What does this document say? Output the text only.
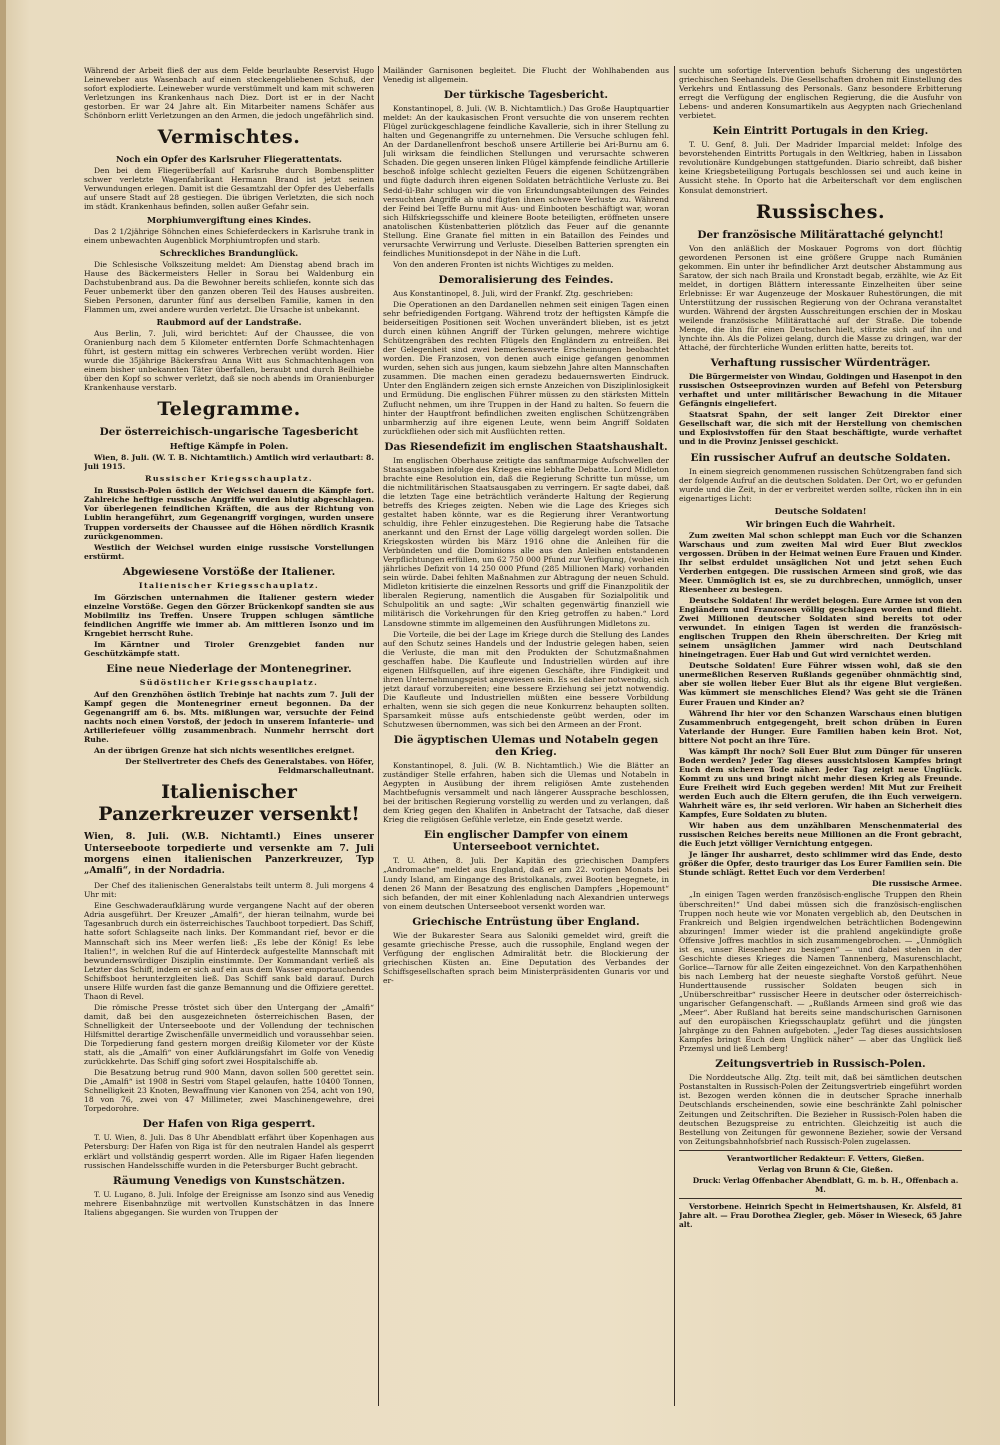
Während der Arbeit fließ der aus dem Felde beurlaubte Reservist Hugo Leineweber aus Wasenbach auf einen steckengebliebenen Schuß, der sofort explodierte. Leineweber wurde verstümmelt und kam mit schweren Verletzungen ins Krankenhaus nach Diez. Dort ist er in der Nacht gestorben. Er war 24 Jahre alt. Ein Mitarbeiter namens Schäfer aus Schönborn erlitt Verletzungen an den Armen, die jedoch ungefährlich sind.

Vermischtes.
Noch ein Opfer des Karlsruher Fliegerattentats.

Den bei dem Fliegerüberfall auf Karlsruhe durch Bombensplitter schwer verletzte Wagenfabrikant Hermann Brand ist jetzt seinen Verwundungen erlegen. Damit ist die Gesamtzahl der Opfer des Ueberfalls auf unsere Stadt auf 28 gestiegen. Die übrigen Verletzten, die sich noch im städt. Krankenhaus befinden, sollen außer Gefahr sein.

Morphiumvergiftung eines Kindes.

Das 2 1/2jährige Söhnchen eines Schieferdeckers in Karlsruhe trank in einem unbewachten Augenblick Morphiumtropfen und starb.

Schreckliches Brandunglück.

Die Schlesische Volkszeitung meldet: Am Dienstag abend brach im Hause des Bäckermeisters Heller in Sorau bei Waldenburg ein Dachstubenbrand aus. Da die Bewohner bereits schliefen, konnte sich das Feuer unbemerkt über den ganzen oberen Teil des Hauses ausbreiten. Sieben Personen, darunter fünf aus derselben Familie, kamen in den Flammen um, zwei andere wurden verletzt. Die Ursache ist unbekannt.

Raubmord auf der Landstraße.

Aus Berlin, 7. Juli, wird berichtet: Auf der Chaussee, die von Oranienburg nach dem 5 Kilometer entfernten Dorfe Schmachtenhagen führt, ist gestern mittag ein schweres Verbrechen verübt worden. Hier wurde die 35jährige Bäckersfrau Anna Witt aus Schmachtenhagen von einem bisher unbekannten Täter überfallen, beraubt und durch Beilhiebe über den Kopf so schwer verletzt, daß sie noch abends im Oranienburger Krankenhause verstarb.

Telegramme.
Der österreichisch-ungarische Tagesbericht
Heftige Kämpfe in Polen.

Wien, 8. Juli. (W. T. B. Nichtamtlich.) Amtlich wird verlautbart: 8. Juli 1915.

Russischer Kriegsschauplatz.

In Russisch-Polen östlich der Weichsel dauern die Kämpfe fort. Zahlreiche heftige russische Angriffe wurden blutig abgeschlagen. Vor überlegenen feindlichen Kräften, die aus der Richtung von Lublin herangeführt, zum Gegenangriff vorgingen, wurden unsere Truppen vorderseits der Chaussee auf die Höhen nördlich Krasnik zurückgenommen.

Westlich der Weichsel wurden einige russische Vorstellungen erstürmt.

Abgewiesene Vorstöße der Italiener.
Italienischer Kriegsschauplatz.

Im Görzischen unternahmen die Italiener gestern wieder einzelne Vorstöße. Gegen den Görzer Brückenkopf sandten sie aus Mobilmiliz ins Treffen. Unsere Truppen schlugen sämtliche feindlichen Angriffe wie immer ab. Am mittleren Isonzo und im Krngebiet herrscht Ruhe.

Im Kärntner und Tiroler Grenzgebiet fanden nur Geschützkämpfe statt.

Eine neue Niederlage der Montenegriner.
Südöstlicher Kriegsschauplatz.

Auf den Grenzhöhen östlich Trebinje hat nachts zum 7. Juli der Kampf gegen die Montenegriner erneut begonnen. Da der Gegenangriff am 6. bs. Mts. mißlungen war, versuchte der Feind nachts noch einen Vorstoß, der jedoch in unserem Infanterie- und Artilleriefeuer völlig zusammenbrach. Nunmehr herrscht dort Ruhe.

An der übrigen Grenze hat sich nichts wesentliches ereignet.

Der Stellvertreter des Chefs des Generalstabes. von Höfer, Feldmarschalleutnant.

Italienischer Panzerkreuzer versenkt!
Wien, 8. Juli. (W.B. Nichtamtl.) Eines unserer Unterseeboote torpedierte und versenkte am 7. Juli morgens einen italienischen Panzerkreuzer, Typ „Amalfi“, in der Nordadria.

Der Chef des italienischen Generalstabs teilt unterm 8. Juli morgens 4 Uhr mit:

Eine Geschwaderaufklärung wurde vergangene Nacht auf der oberen Adria ausgeführt. Der Kreuzer „Amalfi“, der hieran teilnahm, wurde bei Tagesanbruch durch ein österreichisches Tauchboot torpediert. Das Schiff, hatte sofort Schlagseite nach links. Der Kommandant rief, bevor er die Mannschaft sich ins Meer werfen ließ: „Es lebe der König! Es lebe Italien!“, in welchen Ruf die auf Hinterdeck aufgestellte Mannschaft mit bewundernswürdiger Disziplin einstimmte. Der Kommandant verließ als Letzter das Schiff, indem er sich auf ein aus dem Wasser emportauchendes Schiffsboot herunterzgleiten ließ. Das Schiff sank bald darauf. Durch unsere Hilfe wurden fast die ganze Bemannung und die Offiziere gerettet. Thaon di Revel.

Die römische Presse tröstet sich über den Untergang der „Amalfi“ damit, daß bei den ausgezeichneten österreichischen Basen, der Schnelligkeit der Unterseeboote und der Vollendung der technischen Hilfsmittel derartige Zwischenfälle unvermeidlich und voraussehbar seien. Die Torpedierung fand gestern morgen dreißig Kilometer vor der Küste statt, als die „Amalfi“ von einer Aufklärungsfahrt im Golfe von Venedig zurückkehrte. Das Schiff ging sofort zwei Hospitalschiffe ab.

Die Besatzung betrug rund 900 Mann, davon sollen 500 gerettet sein. Die „Amalfi“ ist 1908 in Sestri vom Stapel gelaufen, hatte 10400 Tonnen, Schnelligkeit 23 Knoten, Bewaffnung vier Kanonen von 254, acht von 190, 18 von 76, zwei von 47 Millimeter, zwei Maschinengewehre, drei Torpedorohre.

Der Hafen von Riga gesperrt.

T. U. Wien, 8. Juli. Das 8 Uhr Abendblatt erfährt über Kopenhagen aus Petersburg: Der Hafen von Riga ist für den neutralen Handel als gesperrt erklärt und vollständig gesperrt worden. Alle im Rigaer Hafen liegenden russischen Handelsschiffe wurden in die Petersburger Bucht gebracht.

Räumung Venedigs von Kunstschätzen.

T. U. Lugano, 8. Juli. Infolge der Ereignisse am Isonzo sind aus Venedig mehrere Eisenbahnzüge mit wertvollen Kunstschätzen in das Innere Italiens abgegangen. Sie wurden von Truppen der

Mailänder Garnisonen begleitet. Die Flucht der Wohlhabenden aus Venedig ist allgemein.

Der türkische Tagesbericht.

Konstantinopel, 8. Juli. (W. B. Nichtamtlich.) Das Große Hauptquartier meldet: An der kaukasischen Front versuchte die von unserem rechten Flügel zurückgeschlagene feindliche Kavallerie, sich in ihrer Stellung zu halten und Gegenangriffe zu unternehmen. Die Versuche schlugen fehl. An der Dardanellenfront beschoß unsere Artillerie bei Ari-Burnu am 6. Juli wirksam die feindlichen Stellungen und verursachte schweren Schaden. Die gegen unseren linken Flügel kämpfende feindliche Artillerie beschoß infolge schlecht gezielten Feuers die eigenen Schützengräben und fügte dadurch ihren eigenen Soldaten beträchtliche Verluste zu. Bei Sedd-ül-Bahr schlugen wir die von Erkundungsabteilungen des Feindes versuchten Angriffe ab und fügten ihnen schwere Verluste zu. Während der Feind bei Teffe Burnu mit Aus- und Einbooten beschäftigt war, woran sich Hilfskriegsschiffe und kleinere Boote beteiligten, eröffneten unsere anatolischen Küstenbatterien plötzlich das Feuer auf die genannte Stellung. Eine Granate fiel mitten in ein Bataillon des Feindes und verursachte Verwirrung und Verluste. Dieselben Batterien sprengten ein feindliches Munitionsdepot in der Nähe in die Luft.

Von den anderen Fronten ist nichts Wichtiges zu melden.

Demoralisierung des Feindes.

Aus Konstantinopel, 8. Juli, wird der Frankf. Ztg. geschrieben:

Die Operationen an den Dardanellen nehmen seit einigen Tagen einen sehr befriedigenden Fortgang. Während trotz der heftigsten Kämpfe die beiderseitigen Positionen seit Wochen unverändert blieben, ist es jetzt durch einen kühnen Angriff der Türken gelungen, mehrere wichtige Schützengräben des rechten Flügels den Engländern zu entreißen. Bei der Gelegenheit sind zwei bemerkenswerte Erscheinungen beobachtet worden. Die Franzosen, von denen auch einige gefangen genommen wurden, sehen sich aus jungen, kaum siebzehn Jahre alten Mannschaften zusammen. Die machen einen geradezu bedauernswerten Eindruck. Unter den Engländern zeigen sich ernste Anzeichen von Disziplinlosigkeit und Ermüdung. Die englischen Führer müssen zu den stärksten Mitteln Zuflucht nehmen, um ihre Truppen in der Hand zu halten. So feuern die hinter der Hauptfront befindlichen zweiten englischen Schützengräben unbarmherzig auf ihre eigenen Leute, wenn beim Angriff Soldaten zurückfliehen oder sich mit Ausflüchten retten.

Das Riesendefizit im englischen Staatshaushalt.

Im englischen Oberhause zeitigte das sanftmarmige Aufschwellen der Staatsausgaben infolge des Krieges eine lebhafte Debatte. Lord Midleton brachte eine Resolution ein, daß die Regierung Schritte tun müsse, um die nichtmilitärischen Staatsausgaben zu verringern. Er sagte dabei, daß die letzten Tage eine beträchtlich veränderte Haltung der Regierung betreffs des Krieges zeigten. Neben wie die Lage des Krieges sich gestaltet haben könnte, war es die Regierung ihrer Verantwortung schuldig, ihre Fehler einzugestehen. Die Regierung habe die Tatsache anerkannt und den Ernst der Lage völlig dargelegt worden sollen. Die Kriegskosten würden bis März 1916 ohne die Anleihen für die Verbündeten und die Dominions alle aus den Anleihen entstandenen Verpflichtungen erfüllen, um 62 750 000 Pfund zur Verfügung, (wobei ein jährliches Defizit von 14 250 000 Pfund (285 Millionen Mark) vorhanden sein würde. Dabei fehlten Maßnahmen zur Abtragung der neuen Schuld. Midleton kritisierte die einzelnen Ressorts und griff die Finanzpolitik der liberalen Regierung, namentlich die Ausgaben für Sozialpolitik und Schulpolitik an und sagte: „Wir schalten gegenwärtig finanziell wie militärisch die Vorkehrungen für den Krieg getroffen zu haben.“ Lord Lansdowne stimmte im allgemeinen den Ausführungen Midletons zu.

Die Vorteile, die bei der Lage im Kriege durch die Stellung des Landes auf den Schutz seines Handels und der Industrie gelegen haben, seien die Verluste, die man mit den Produkten der Schutzmaßnahmen geschaffen habe. Die Kaufleute und Industriellen würden auf ihre eigenen Hilfsquellen, auf ihre eigenen Geschäfte, ihre Findigkeit und ihren Unternehmungsgeist angewiesen sein. Es sei daher notwendig, sich jetzt darauf vorzubereiten; eine bessere Erziehung sei jetzt notwendig. Die Kaufleute und Industriellen müßten eine bessere Vorbildung erhalten, wenn sie sich gegen die neue Konkurrenz behaupten sollten. Sparsamkeit müsse aufs entschiedenste geübt werden, oder im Schutzwesen übernommen, was sich bei den Armeen an der Front.

Die ägyptischen Ulemas und Notabeln gegen den Krieg.

Konstantinopel, 8. Juli. (W. B. Nichtamtlich.) Wie die Blätter an zuständiger Stelle erfahren, haben sich die Ulemas und Notabeln in Aegypten in Ausübung der ihrem religiösen Amte zustehenden Machtbefugnis versammelt und nach längerer Aussprache beschlossen, bei der britischen Regierung vorstellig zu werden und zu verlangen, daß dem Krieg gegen den Khalifen in Anbetracht der Tatsache, daß dieser Krieg die religiösen Gefühle verletze, ein Ende gesetzt werde.

Ein englischer Dampfer von einem Unterseeboot vernichtet.

T. U. Athen, 8. Juli. Der Kapitän des griechischen Dampfers „Andromache“ meldet aus England, daß er am 22. vorigen Monats bei Lundy Island, am Eingange des Bristolkanals, zwei Booten begegnete, in denen 26 Mann der Besatzung des englischen Dampfers „Hopemount“ sich befanden, der mit einer Kohlenladung nach Alexandrien unterwegs von einem deutschen Unterseeboot versenkt worden war.

Griechische Entrüstung über England.

Wie der Bukarester Seara aus Saloniki gemeldet wird, greift die gesamte griechische Presse, auch die russophile, England wegen der Verfügung der englischen Admiralität betr. die Blockierung der griechischen Küsten an. Eine Deputation des Verbandes der Schiffsgesellschaften sprach beim Ministerpräsidenten Gunaris vor und er-

suchte um sofortige Intervention behufs Sicherung des ungestörten griechischen Seehandels. Die Gesellschaften drohen mit Einstellung des Verkehrs und Entlassung des Personals. Ganz besondere Erbitterung erregt die Verfügung der englischen Regierung, die die Ausfuhr von Lebens- und anderen Konsumartikeln aus Aegypten nach Griechenland verbietet.

Kein Eintritt Portugals in den Krieg.

T. U. Genf, 8. Juli. Der Madrider Imparcial meldet: Infolge des bevorstehenden Eintritts Portugals in den Weltkrieg, haben in Lissabon revolutionäre Kundgebungen stattgefunden. Diario schreibt, daß bisher keine Kriegsbeteiligung Portugals beschlossen sei und auch keine in Aussicht stehe. In Oporto hat die Arbeiterschaft vor dem englischen Konsulat demonstriert.

Russisches.
Der französische Militärattaché gelyncht!

Von den anläßlich der Moskauer Pogroms von dort flüchtig gewordenen Personen ist eine größere Gruppe nach Rumänien gekommen. Ein unter ihr befindlicher Arzt deutscher Abstammung aus Saratow, der sich nach Braila und Kronstadt begab, erzählte, wie Az Eit meldet, in dortigen Blättern interessante Einzelheiten über seine Erlebnisse: Er war Augenzeuge der Moskauer Ruhestörungen, die mit Unterstützung der russischen Regierung von der Ochrana veranstaltet wurden. Während der ärgsten Ausschreitungen erschien der in Moskau weilende französische Militärattaché auf der Straße. Die tobende Menge, die ihn für einen Deutschen hielt, stürzte sich auf ihn und lynchte ihn. Als die Polizei gelang, durch die Masse zu dringen, war der Attaché, der fürchterliche Wunden erlitten hatte, bereits tot.

Verhaftung russischer Würdenträger.

Die Bürgermeister von Windau, Goldingen und Hasenpot in den russischen Ostseeprovinzen wurden auf Befehl von Petersburg verhaftet und unter militärischer Bewachung in die Mitauer Gefängnis eingeliefert.

Staatsrat Spahn, der seit langer Zeit Direktor einer Gesellschaft war, die sich mit der Herstellung von chemischen und Explosivstoffen für den Staat beschäftigte, wurde verhaftet und in die Provinz Jenissei geschickt.

Ein russischer Aufruf an deutsche Soldaten.

In einem siegreich genommenen russischen Schützengraben fand sich der folgende Aufruf an die deutschen Soldaten. Der Ort, wo er gefunden wurde und die Zeit, in der er verbreitet werden sollte, rücken ihn in ein eigenartiges Licht:

Deutsche Soldaten!
Wir bringen Euch die Wahrheit.

Zum zweiten Mal schon schleppt man Euch vor die Schanzen Warschaus und zum zweiten Mal wird Euer Blut zwecklos vergossen. Drüben in der Heimat weinen Eure Frauen und Kinder. Ihr selbst erduldet unsäglichen Not und jetzt sehen Euch Verderben entgegen. Die russischen Armeen sind groß, wie das Meer. Ummöglich ist es, sie zu durchbrechen, unmöglich, unser Riesenheer zu besiegen.

Deutsche Soldaten! Ihr werdet belogen. Eure Armee ist von den Engländern und Franzosen völlig geschlagen worden und flieht. Zwei Millionen deutscher Soldaten sind bereits tot oder verwundet. In einigen Tagen ist werden die französisch-englischen Truppen den Rhein überschreiten. Der Krieg mit seinem unsäglichen Jammer wird nach Deutschland hineingetragen. Euer Hab und Gut wird vernichtet werden.

Deutsche Soldaten! Eure Führer wissen wohl, daß sie den unermeßlichen Reserven Rußlands gegenüber ohnmächtig sind, aber sie wollen lieber Euer Blut als ihr eigene Blut vergießen. Was kümmert sie menschliches Elend? Was geht sie die Tränen Eurer Frauen und Kinder an?

Während Ihr hier vor den Schanzen Warschaus einen blutigen Zusammenbruch entgegengeht, breit schon drüben in Euren Vaterlande der Hunger. Eure Familien haben kein Brot. Not, bittere Not pocht an ihre Türe.

Was kämpft Ihr noch? Soll Euer Blut zum Dünger für unseren Boden werden? Jeder Tag dieses aussichtslosen Kampfes bringt Euch dem sicheren Tode näher. Jeder Tag zeigt neue Unglück. Kommt zu uns und bringt nicht mehr diesen Krieg als Freunde. Eure Freiheit wird Euch gegeben werden! Mit Mut zur Freiheit werden Euch auch die Eltern gerufen, die ihn Euch verweigern. Wahrheit wäre es, ihr seid verloren. Wir haben an Sicherheit dies Kampfes, Eure Soldaten zu bluten.

Wir haben aus dem unzählbaren Menschenmaterial des russischen Reiches bereits neue Millionen an die Front gebracht, die Euch jetzt völliger Vernichtung entgegen.

Je länger Ihr ausharret, desto schlimmer wird das Ende, desto größer die Opfer, desto trauriger das Los Eurer Familien sein. Die Stunde schlägt. Rettet Euch vor dem Verderben!

Die russische Armee.

„In einigen Tagen werden französisch-englische Truppen den Rhein überschreiten!“ Und dabei müssen sich die französisch-englischen Truppen noch heute wie vor Monaten vergeblich ab, den Deutschen in Frankreich und Belgien irgendwelchen beträchtlichen Bodengewinn abzuringen! Immer wieder ist die prahlend angekündigte große Offensive Joffres machtlos in sich zusammengebrochen. — „Unmöglich ist es, unser Riesenheer zu besiegen“ — und dabei stehen in der Geschichte dieses Krieges die Namen Tannenberg, Masurenschlacht, Gorlice—Tarnow für alle Zeiten eingezeichnet. Von den Karpathenhöhen bis nach Lemberg hat der neueste sieghafte Vorstoß geführt. Neue Hunderttausende russischer Soldaten beugen sich in „Unüberschreitbar“ russischer Heere in deutscher oder österreichisch-ungarischer Gefangenschaft. — „Rußlands Armeen sind groß wie das „Meer“. Aber Rußland hat bereits seine mandschurischen Garnisonen auf den europäischen Kriegsschauplatz geführt und die jüngsten Jahrgänge zu den Fahnen aufgeboten. „Jeder Tag dieses aussichtslosen Kampfes bringt Euch dem Unglück näher“ — aber das Unglück ließ Przemysl und ließ Lemberg!

Zeitungsvertrieb in Russisch-Polen.

Die Norddeutsche Allg. Ztg. teilt mit, daß bei sämtlichen deutschen Postanstalten in Russisch-Polen der Zeitungsvertrieb eingeführt worden ist. Bezogen werden können die in deutscher Sprache innerhalb Deutschlands erscheinenden, sowie eine beschränkte Zahl polnischer Zeitungen und Zeitschriften. Die Bezieher in Russisch-Polen haben die deutschen Bezugspreise zu entrichten. Gleichzeitig ist auch die Bestellung von Zeitungen für gewonnene Bezieher, sowie der Versand von Zeitungsbahnhofsbrief nach Russisch-Polen zugelassen.

Verantwortlicher Redakteur: F. Vetters, Gießen.

Verlag von Brunn & Cie, Gießen.

Druck: Verlag Offenbacher Abendblatt, G. m. b. H., Offenbach a. M.

Verstorbene. Heinrich Specht in Heimertshausen, Kr. Alsfeld, 81 Jahre alt. — Frau Dorothea Ziegler, geb. Möser in Wieseck, 65 Jahre alt.
